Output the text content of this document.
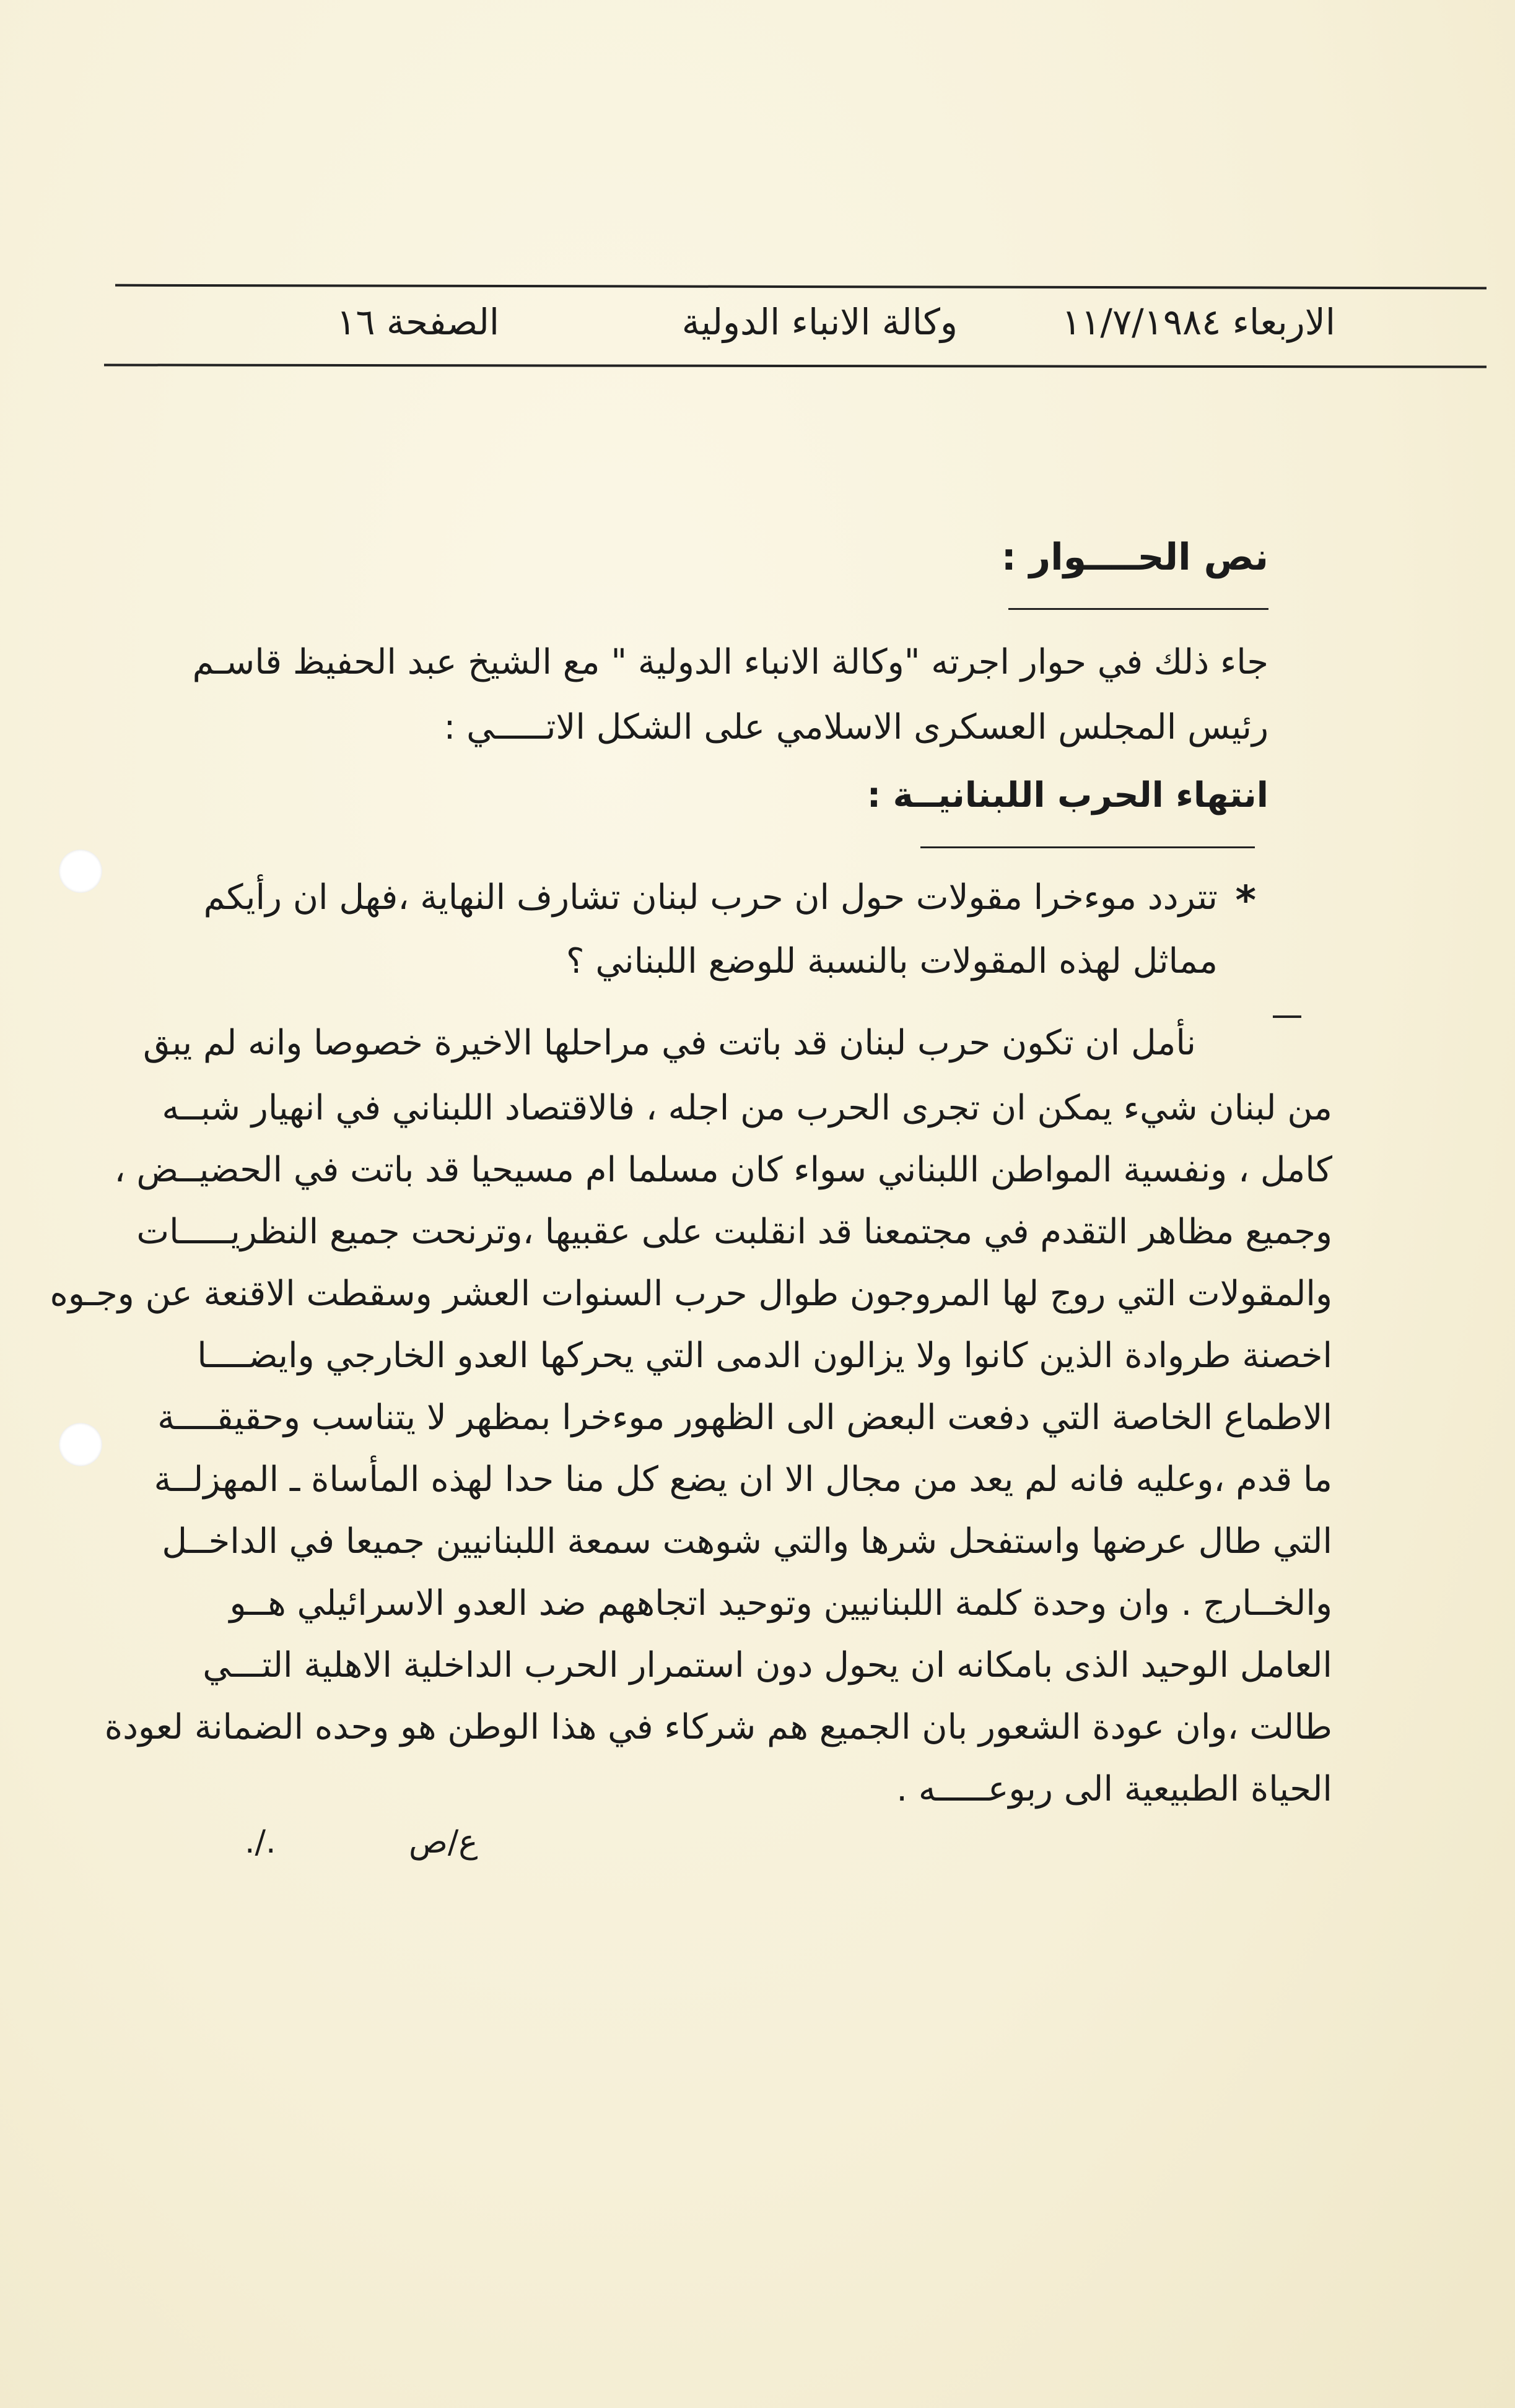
الاربعاء ١١/٧/١٩٨٤
وكالة الانباء الدولية
الصفحة ١٦
نص الحــــوار :
جاء ذلك في حوار اجرته "وكالة الانباء الدولية " مع الشيخ عبد الحفيظ قاسـم
رئيس المجلس العسكرى الاسلامي على الشكل الاتـــــي :
انتهاء الحرب اللبنانيــة :
*
تتردد موءخرا مقولات حول ان حرب لبنان تشارف النهاية ،فهل ان رأيكم
مماثل لهذه المقولات بالنسبة للوضع اللبناني ؟
نأمل ان تكون حرب لبنان قد باتت في مراحلها الاخيرة خصوصا وانه لم يبق
من لبنان شيء يمكن ان تجرى الحرب من اجله ، فالاقتصاد اللبناني في انهيار شبــه
كامل ، ونفسية المواطن اللبناني سواء كان مسلما ام مسيحيا قد باتت في الحضيــض ،
وجميع مظاهر التقدم في مجتمعنا قد انقلبت على عقبيها ،وترنحت جميع النظريـــــات
والمقولات التي روج لها المروجون طوال حرب السنوات العشر وسقطت الاقنعة عن وجـوه
اخصنة طروادة الذين كانوا ولا يزالون الدمى التي يحركها العدو الخارجي وايضــــا
الاطماع الخاصة التي دفعت البعض الى الظهور موءخرا بمظهر لا يتناسب وحقيقــــة
ما قدم ،وعليه فانه لم يعد من مجال الا ان يضع كل منا حدا لهذه المأساة ـ المهزلــة
التي طال عرضها واستفحل شرها والتي شوهت سمعة اللبنانيين جميعا في الداخــل
والخــارج . وان وحدة كلمة اللبنانيين وتوحيد اتجاههم ضد العدو الاسرائيلي هــو
العامل الوحيد الذى بامكانه ان يحول دون استمرار الحرب الداخلية الاهلية التـــي
طالت ،وان عودة الشعور بان الجميع هم شركاء في هذا الوطن هو وحده الضمانة لعودة
الحياة الطبيعية الى ربوعـــــه .
ع/ص
./.
